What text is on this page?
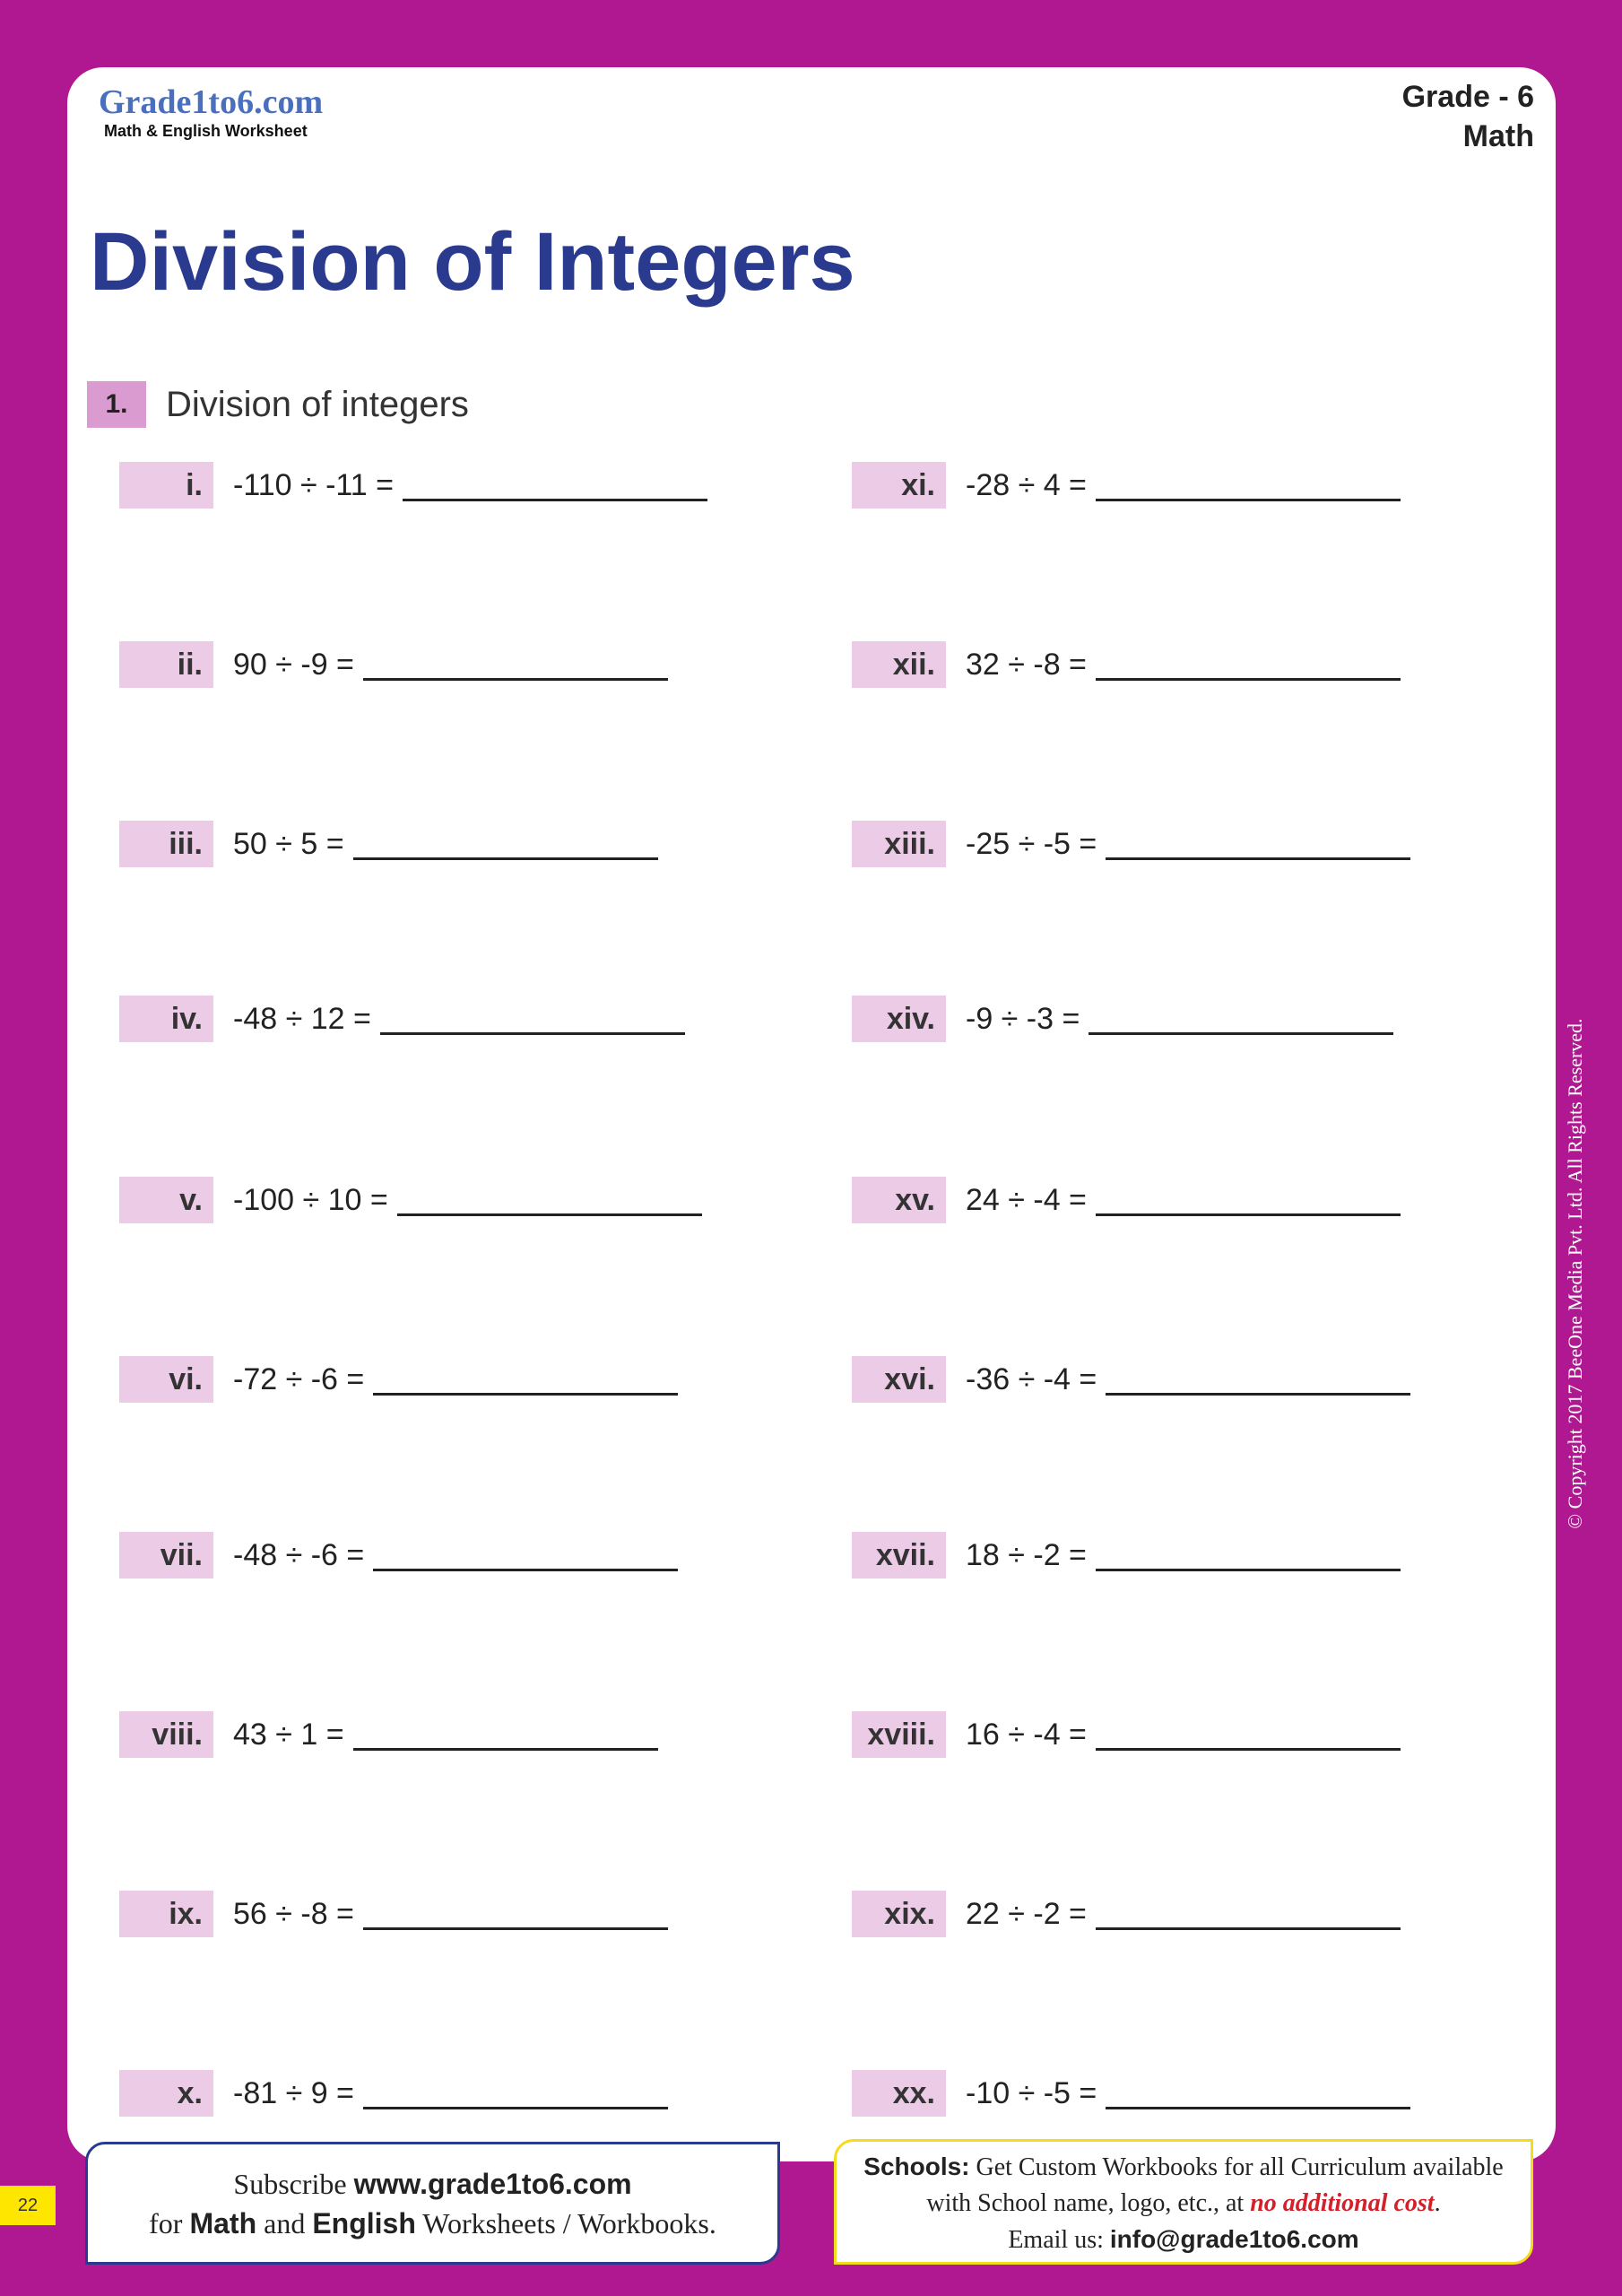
Grade1to6.com
Math & English Worksheet
Grade - 6
Math
Division of Integers
1.	Division of integers
i.	-110 ÷ -11 =
ii.	90 ÷ -9 =
iii.	50 ÷ 5 =
iv.	-48 ÷ 12 =
v.	-100 ÷ 10 =
vi.	-72 ÷ -6 =
vii.	-48 ÷ -6 =
viii.	43 ÷ 1 =
ix.	56 ÷ -8 =
x.	-81 ÷ 9 =
xi.	-28 ÷ 4 =
xii.	32 ÷ -8 =
xiii.	-25 ÷ -5 =
xiv.	-9 ÷ -3 =
xv.	24 ÷ -4 =
xvi.	-36 ÷ -4 =
xvii.	18 ÷ -2 =
xviii.	16 ÷ -4 =
xix.	22 ÷ -2 =
xx.	-10 ÷ -5 =
© Copyright 2017 BeeOne Media Pvt. Ltd. All Rights Reserved.
22
Subscribe www.grade1to6.com
for Math and English Worksheets / Workbooks.
Schools: Get Custom Workbooks for all Curriculum available
with School name, logo, etc., at no additional cost.
Email us: info@grade1to6.com
